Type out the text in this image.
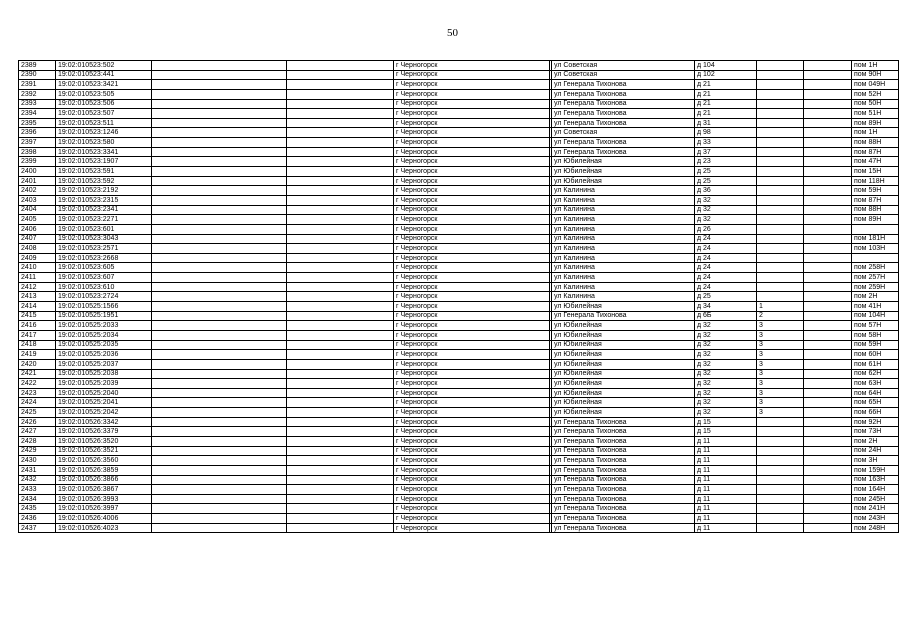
50
2389	19:02:010523:502			г Черногорск		ул Советская	д 104			пом 1Н
2390	19:02:010523:441			г Черногорск		ул Советская	д 102			пом 90Н
2391	19:02:010523:3421			г Черногорск		ул Генерала Тихонова	д 21			пом 049Н
2392	19:02:010523:505			г Черногорск		ул Генерала Тихонова	д 21			пом 52Н
2393	19:02:010523:506			г Черногорск		ул Генерала Тихонова	д 21			пом 50Н
2394	19:02:010523:507			г Черногорск		ул Генерала Тихонова	д 21			пом 51Н
2395	19:02:010523:511			г Черногорск		ул Генерала Тихонова	д 31			пом 89Н
2396	19:02:010523:1246			г Черногорск		ул Советская	д 98			пом 1Н
2397	19:02:010523:580			г Черногорск		ул Генерала Тихонова	д 33			пом 88Н
2398	19:02:010523:3341			г Черногорск		ул Генерала Тихонова	д 37			пом 87Н
2399	19:02:010523:1907			г Черногорск		ул Юбилейная	д 23			пом 47Н
2400	19:02:010523:591			г Черногорск		ул Юбилейная	д 25			пом 15Н
2401	19:02:010523:592			г Черногорск		ул Юбилейная	д 25			пом 118Н
2402	19:02:010523:2192			г Черногорск		ул Калинина	д 36			пом 59Н
2403	19:02:010523:2315			г Черногорск		ул Калинина	д 32			пом 87Н
2404	19:02:010523:2341			г Черногорск		ул Калинина	д 32			пом 88Н
2405	19:02:010523:2271			г Черногорск		ул Калинина	д 32			пом 89Н
2406	19:02:010523:601			г Черногорск		ул Калинина	д 26			
2407	19:02:010523:3043			г Черногорск		ул Калинина	д 24			пом 181Н
2408	19:02:010523:2571			г Черногорск		ул Калинина	д 24			пом 103Н
2409	19:02:010523:2668			г Черногорск		ул Калинина	д 24			
2410	19:02:010523:605			г Черногорск		ул Калинина	д 24			пом 258Н
2411	19:02:010523:607			г Черногорск		ул Калинина	д 24			пом 257Н
2412	19:02:010523:610			г Черногорск		ул Калинина	д 24			пом 259Н
2413	19:02:010523:2724			г Черногорск		ул Калинина	д 25			пом 2Н
2414	19:02:010525:1566			г Черногорск		ул Юбилейная	д 34	1		пом 41Н
2415	19:02:010525:1951			г Черногорск		ул Генерала Тихонова	д 6Б	2		пом 104Н
2416	19:02:010525:2033			г Черногорск		ул Юбилейная	д 32	3		пом 57Н
2417	19:02:010525:2034			г Черногорск		ул Юбилейная	д 32	3		пом 58Н
2418	19:02:010525:2035			г Черногорск		ул Юбилейная	д 32	3		пом 59Н
2419	19:02:010525:2036			г Черногорск		ул Юбилейная	д 32	3		пом 60Н
2420	19:02:010525:2037			г Черногорск		ул Юбилейная	д 32	3		пом 61Н
2421	19:02:010525:2038			г Черногорск		ул Юбилейная	д 32	3		пом 62Н
2422	19:02:010525:2039			г Черногорск		ул Юбилейная	д 32	3		пом 63Н
2423	19:02:010525:2040			г Черногорск		ул Юбилейная	д 32	3		пом 64Н
2424	19:02:010525:2041			г Черногорск		ул Юбилейная	д 32	3		пом 65Н
2425	19:02:010525:2042			г Черногорск		ул Юбилейная	д 32	3		пом 66Н
2426	19:02:010526:3342			г Черногорск		ул Генерала Тихонова	д 15			пом 92Н
2427	19:02:010526:3379			г Черногорск		ул Генерала Тихонова	д 15			пом 73Н
2428	19:02:010526:3520			г Черногорск		ул Генерала Тихонова	д 11			пом 2Н
2429	19:02:010526:3521			г Черногорск		ул Генерала Тихонова	д 11			пом 24Н
2430	19:02:010526:3560			г Черногорск		ул Генерала Тихонова	д 11			пом 3Н
2431	19:02:010526:3859			г Черногорск		ул Генерала Тихонова	д 11			пом 159Н
2432	19:02:010526:3866			г Черногорск		ул Генерала Тихонова	д 11			пом 163Н
2433	19:02:010526:3867			г Черногорск		ул Генерала Тихонова	д 11			пом 164Н
2434	19:02:010526:3993			г Черногорск		ул Генерала Тихонова	д 11			пом 245Н
2435	19:02:010526:3997			г Черногорск		ул Генерала Тихонова	д 11			пом 241Н
2436	19:02:010526:4006			г Черногорск		ул Генерала Тихонова	д 11			пом 243Н
2437	19:02:010526:4023			г Черногорск		ул Генерала Тихонова	д 11			пом 248Н
